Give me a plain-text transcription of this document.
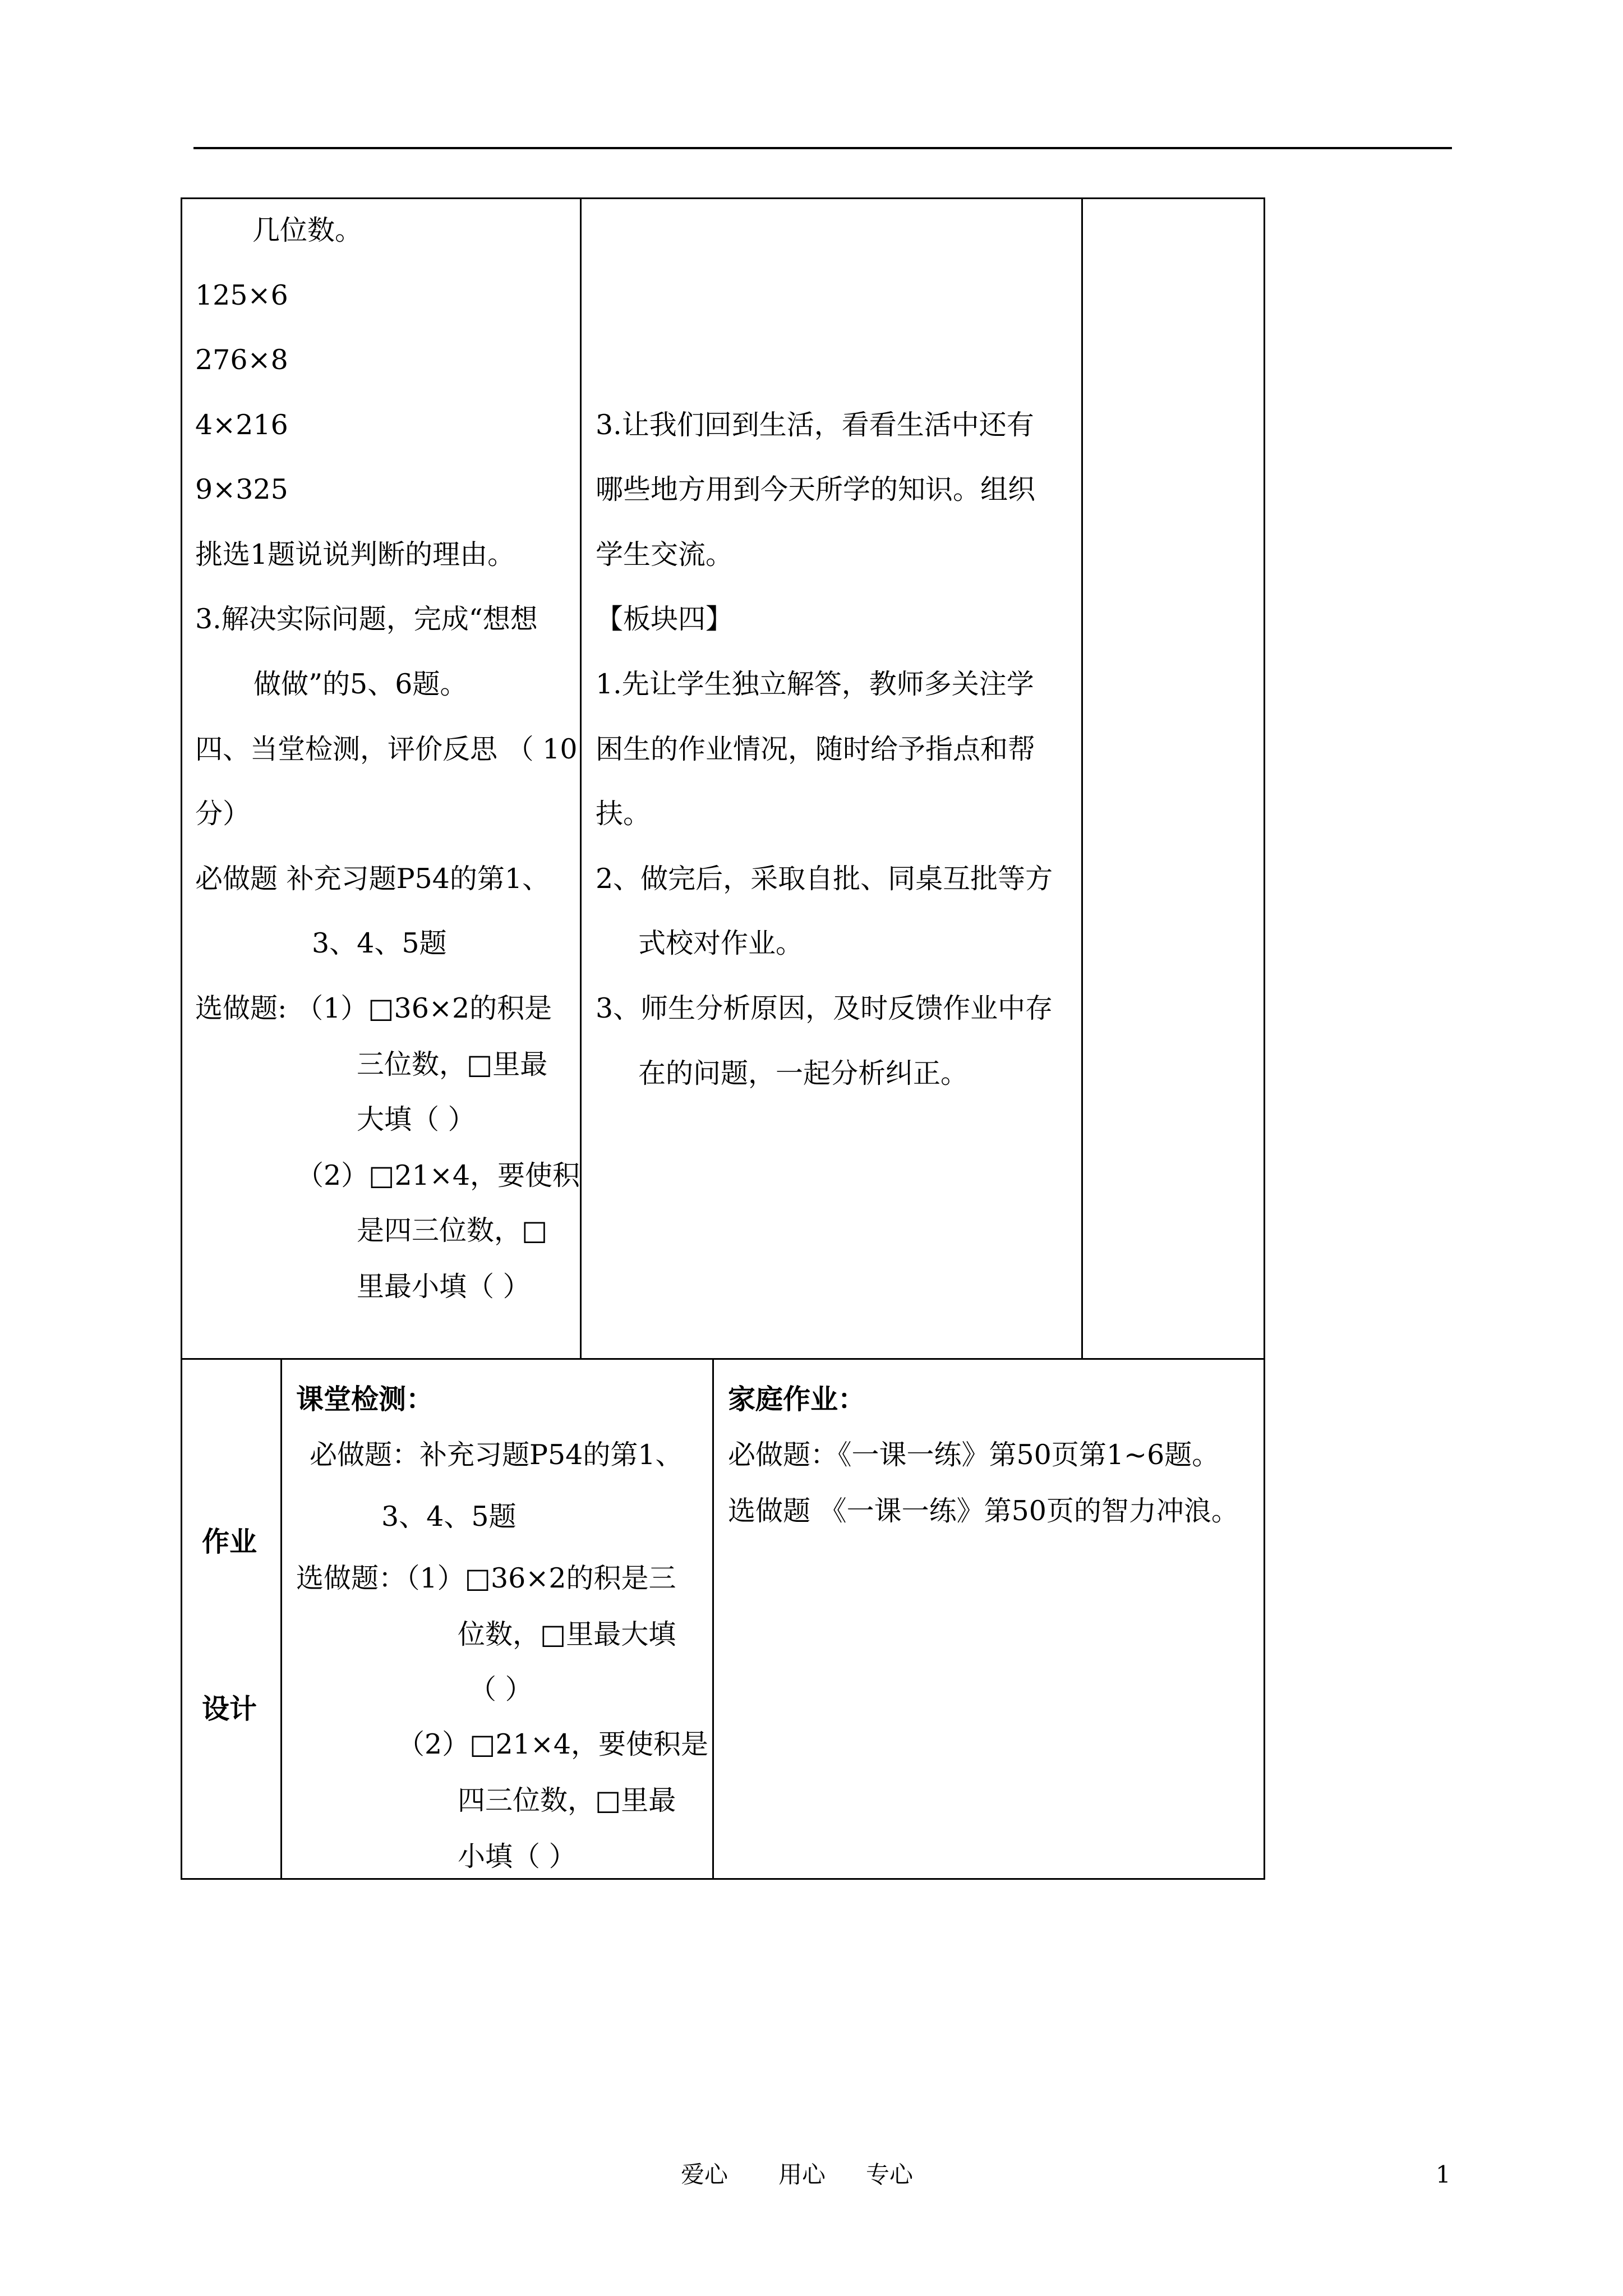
几位数。
125×6
276×8
4×216
9×325
挑选1题说说判断的理由。
3.解决实际问题，完成“想想
做做”的5、6题。
四、当堂检测，评价反思 （ 10
分）
必做题 补充习题P54的第1、
3、4、5题
选做题: （1）□36×2的积是
三位数，□里最
大填（ ）
（2）□21×4，要使积
是四三位数，□
里最小填（ ）
3.让我们回到生活，看看生活中还有
哪些地方用到今天所学的知识。组织
学生交流。
【板块四】
1.先让学生独立解答，教师多关注学
困生的作业情况，随时给予指点和帮
扶。
2、做完后，采取自批、同桌互批等方
式校对作业。
3、师生分析原因，及时反馈作业中存
在的问题，一起分析纠正。
作业
设计
课堂检测：
必做题：补充习题P54的第1、
3、4、5题
选做题：（1）□36×2的积是三
位数，□里最大填
（ ）
（2）□21×4，要使积是
四三位数，□里最
小填（ ）
家庭作业：
必做题：《一课一练》第50页第1~6题。
选做题 《一课一练》第50页的智力冲浪。
爱心 用心 专心	1
